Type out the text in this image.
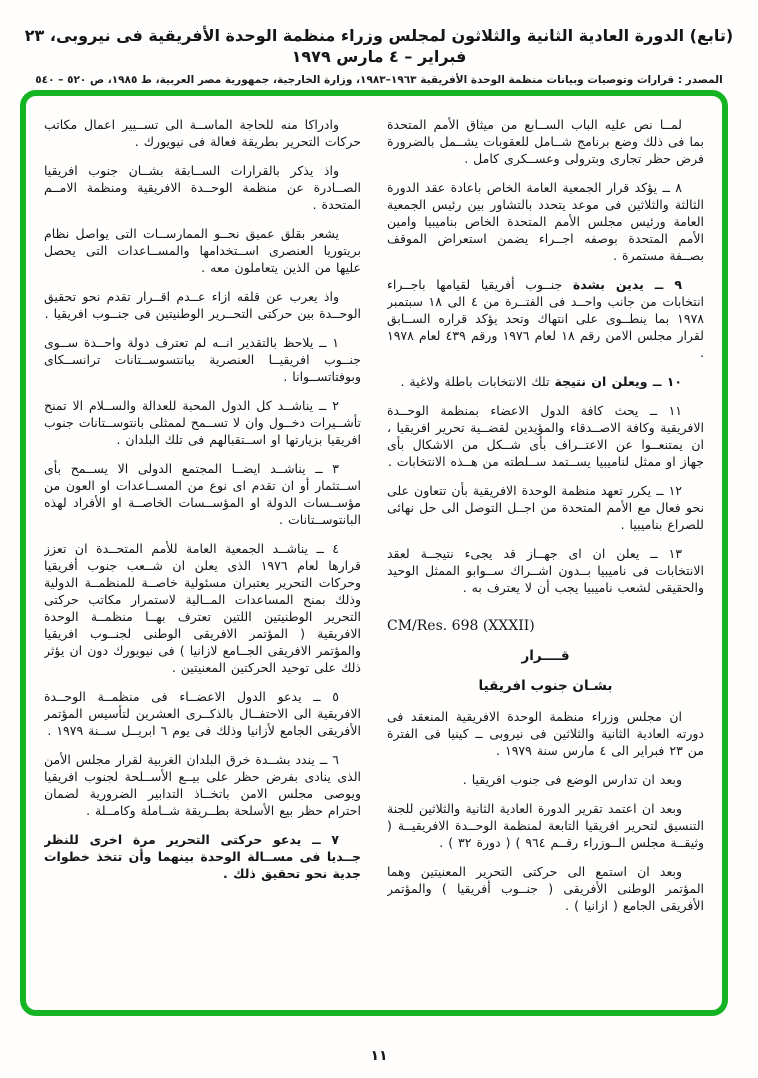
(تابع) الدورة العادية الثانية والثلاثون لمجلس وزراء منظمة الوحدة الأفريقية فى نيروبى، ٢٣ فبراير – ٤ مارس ١٩٧٩
المصدر : قرارات وتوصيات وبيانات منظمة الوحدة الأفريقية ١٩٦٣–١٩٨٣، وزارة الخارجية، جمهورية مصر العربية، ط ١٩٨٥، ص ٥٢٠ – ٥٤٠

لمــا نص عليه الباب الســابع من ميثاق الأمم المتحدة بما فى ذلك وضع برنامج شــامل للعقوبات يشــمل بالضرورة فرض حظر تجارى وبترولى وعســكرى كامل .

٨ ــ يؤكد قرار الجمعية العامة الخاص باعادة عقد الدورة الثالثة والثلاثين فى موعد يتحدد بالتشاور بين رئيس الجمعية العامة ورئيس مجلس الأمم المتحدة الخاص بناميبيا وامين الأمم المتحدة بوصفه اجــراء يضمن استعراض الموقف بصــفة مستمرة .

٩ ــ يدين بشدة جنــوب أفريقيا لقيامها باجــراء انتخابات من جانب واحــد فى الفتــرة من ٤ الى ١٨ سبتمبر ١٩٧٨ بما ينطــوى على انتهاك وتحد يؤكد قراره الســابق لقرار مجلس الامن رقم ١٨ لعام ١٩٧٦ ورقم ٤٣٩ لعام ١٩٧٨ .

١٠ ــ ويعلن ان نتيجة تلك الانتخابات باطلة ولاغية .

١١ ــ يحث كافة الدول الاعضاء بمنظمة الوحــدة الافريقية وكافة الاصــدقاء والمؤيدين لقضــية تحرير افريقيا ، ان يمتنعــوا عن الاعتــراف بأى شــكل من الاشكال بأى جهاز او ممثل لناميبيا يســتمد ســلطته من هــذه الانتخابات .

١٢ ــ يكرر تعهد منظمة الوحدة الافريقية بأن تتعاون على نحو فعال مع الأمم المتحدة من اجــل التوصل الى حل نهائى للصراع بناميبيا .

١٣ ــ يعلن ان اى جهــاز قد يجىء نتيجــة لعقد الانتخابات فى ناميبيا بــدون اشــراك ســوابو الممثل الوحيد والحقيقى لشعب ناميبيا يجب أن لا يعترف به .

CM/Res. 698 (XXXII)
قــــرار
بشـان جنوب افريقيا

ان مجلس وزراء منظمة الوحدة الافريقية المنعقد فى دورته العادية الثانية والثلاثين فى نيروبى ــ كينيا فى الفترة من ٢٣ فبراير الى ٤ مارس سنة ١٩٧٩ .

وبعد ان تدارس الوضع فى جنوب افريقيا .

وبعد ان اعتمد تقرير الدورة العادية الثانية والثلاثين للجنة التنسيق لتحرير افريقيا التابعة لمنظمة الوحــدة الافريقيــة ( وثيقــة مجلس الــوزراء رقــم ٩٦٤ ) ( دورة ٣٢ ) .

وبعد ان استمع الى حركتى التحرير المعنيتين وهما المؤتمر الوطنى الأفريقى ( جنــوب أفريقيا ) والمؤتمر الأفريقى الجامع ( ازانيا ) .

وادراكا منه للحاجة الماســة الى تســيير اعمال مكاتب حركات التحرير بطريقة فعالة فى نيويورك .

واذ يذكر بالقرارات الســابقة بشــان جنوب افريقيا الصــادرة عن منظمة الوحــدة الافريقية ومنظمة الامــم المتحدة .

يشعر بقلق عميق نحــو الممارســات التى يواصل نظام بريتوريا العنصرى اســتخدامها والمســاعدات التى يحصل عليها من الذين يتعاملون معه .

واذ يعرب عن قلقه ازاء عــدم اقــرار تقدم نحو تحقيق الوحــدة بين حركتى التحــرير الوطنيتين فى جنــوب افريقيا .

١ ــ يلاحظ بالتقدير انــه لم تعترف دولة واحــدة ســوى جنــوب افريقيــا العنصرية ببانتسوســتانات ترانســكاى وبوفتاتســوانا .

٢ ــ يناشــد كل الدول المحبة للعدالة والســلام الا تمنح تأشــيرات دخــول وان لا تســمح لممثلى بانتوســتانات جنوب افريقيا بزيارتها او اســتقبالهم فى تلك البلدان .

٣ ــ يناشــد ايضــا المجتمع الدولى الا يســمح بأى اســتثمار أو ان تقدم اى نوع من المســاعدات او العون من مؤســسات الدولة او المؤســسات الخاصــة او الأفراد لهذه البانتوســتانات .

٤ ــ يناشــد الجمعية العامة للأمم المتحــدة ان تعزز قرارها لعام ١٩٧٦ الذى يعلن ان شــعب جنوب أفريقيا وحركات التحرير يعتبران مسئولية خاصــة للمنظمــة الدولية وذلك بمنح المساعدات المــالية لاستمرار مكاتب حركتى التحرير الوطنيتين اللتين تعترف بهــا منظمــة الوحدة الافريقية ( المؤتمر الافريقى الوطنى لجنــوب افريقيا والمؤتمر الافريقى الجــامع لازانيا ) فى نيويورك دون ان يؤثر ذلك على توحيد الحركتين المعنيتين .

٥ ــ يدعو الدول الاعضــاء فى منظمــة الوحــدة الافريقية الى الاحتفــال بالذكــرى العشرين لتأسيس المؤتمر الأفريقى الجامع لأزانيا وذلك فى يوم ٦ ابريــل ســنة ١٩٧٩ .

٦ ــ يندد بشــدة خرق البلدان الغربية لقرار مجلس الأمن الذى ينادى بفرض حظر على بيــع الأســلحة لجنوب افريقيا ويوصى مجلس الامن باتخــاذ التدابير الضرورية لضمان احترام حظر بيع الأسلحة بطــريقة شــاملة وكامــلة .

٧ ــ يدعو حركتى التحرير مرة اخرى للنظر جــديا فى مســالة الوحدة بينهما وأن تتخذ خطوات جدية نحو تحقيق ذلك .

١١
